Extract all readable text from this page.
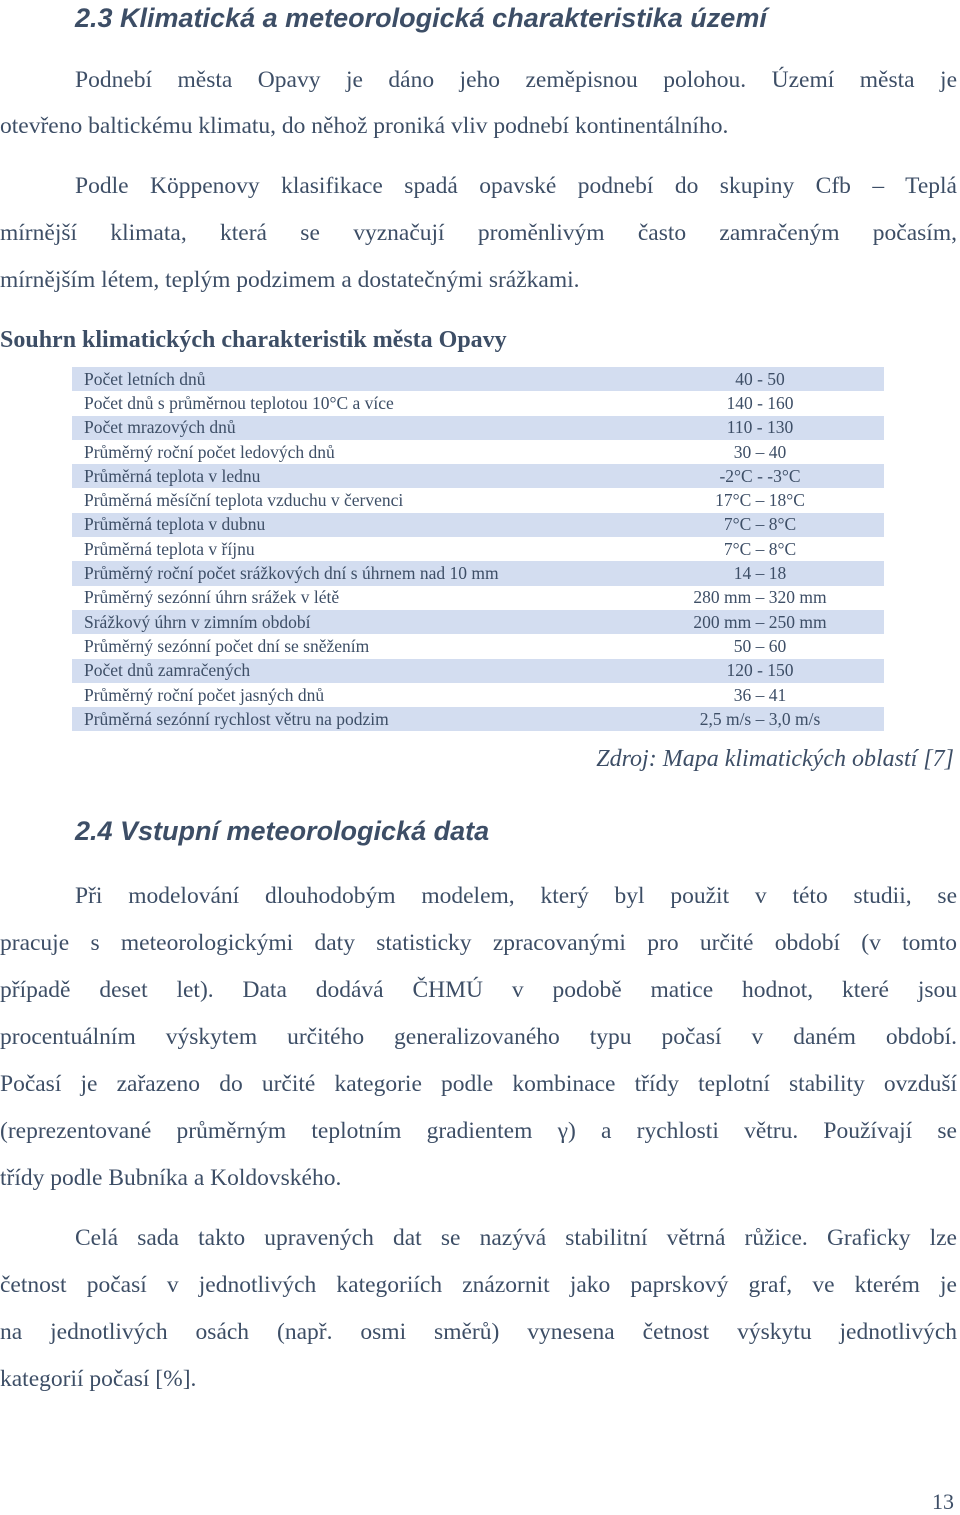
2.3 Klimatická a meteorologická charakteristika území
Podnebí města Opavy je dáno jeho zeměpisnou polohou. Území města je
otevřeno baltickému klimatu, do něhož proniká vliv podnebí kontinentálního.
Podle Köppenovy klasifikace spadá opavské podnebí do skupiny Cfb – Teplá
mírnější klimata, která se vyznačují proměnlivým často zamračeným počasím,
mírnějším létem, teplým podzimem a dostatečnými srážkami.
Souhrn klimatických charakteristik města Opavy
Počet letních dnů	40 - 50
Počet dnů s průměrnou teplotou 10°C a více	140 - 160
Počet mrazových dnů	110 - 130
Průměrný roční počet ledových dnů	30 – 40
Průměrná teplota v lednu	-2°C - -3°C
Průměrná měsíční teplota vzduchu v červenci	17°C – 18°C
Průměrná teplota v dubnu	7°C – 8°C
Průměrná teplota v říjnu	7°C – 8°C
Průměrný roční počet srážkových dní s úhrnem nad 10 mm	14 – 18
Průměrný sezónní úhrn srážek v létě	280 mm – 320 mm
Srážkový úhrn v zimním období	200 mm – 250 mm
Průměrný sezónní počet dní se sněžením	50 – 60
Počet dnů zamračených	120 - 150
Průměrný roční počet jasných dnů	36 – 41
Průměrná sezónní rychlost větru na podzim	2,5 m/s – 3,0 m/s
Zdroj: Mapa klimatických oblastí [7]
2.4 Vstupní meteorologická data
Při modelování dlouhodobým modelem, který byl použit v této studii, se
pracuje s meteorologickými daty statisticky zpracovanými pro určité období (v tomto
případě deset let). Data dodává ČHMÚ v podobě matice hodnot, které jsou
procentuálním výskytem určitého generalizovaného typu počasí v daném období.
Počasí je zařazeno do určité kategorie podle kombinace třídy teplotní stability ovzduší
(reprezentované průměrným teplotním gradientem γ) a rychlosti větru. Používají se
třídy podle Bubníka a Koldovského.
Celá sada takto upravených dat se nazývá stabilitní větrná růžice. Graficky lze
četnost počasí v jednotlivých kategoriích znázornit jako paprskový graf, ve kterém je
na jednotlivých osách (např. osmi směrů) vynesena četnost výskytu jednotlivých
kategorií počasí [%].
13
